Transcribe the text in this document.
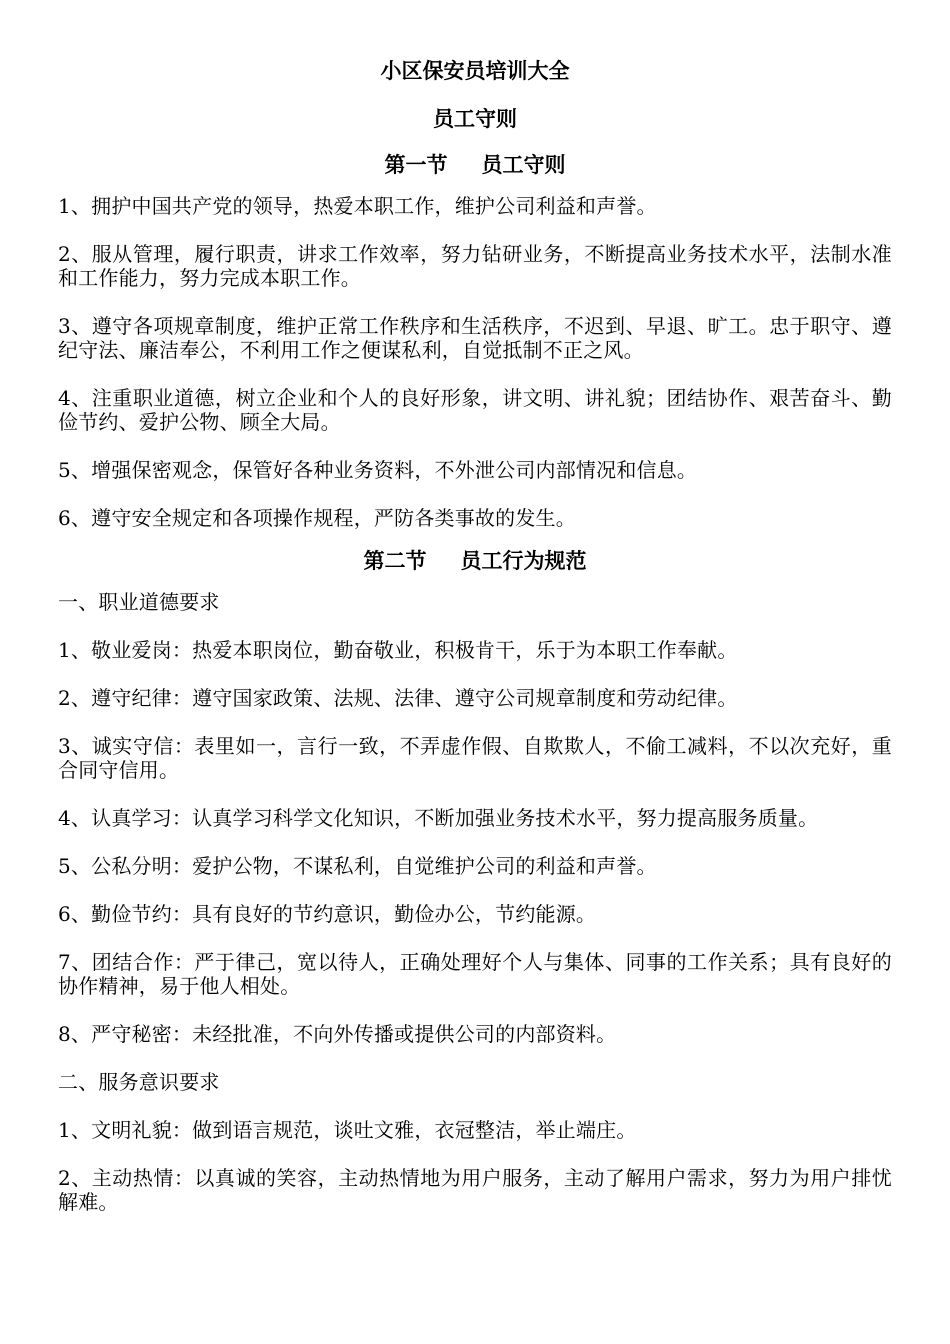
小区保安员培训大全
员工守则
第一节 员工守则

1、拥护中国共产党的领导，热爱本职工作，维护公司利益和声誉。

2、服从管理，履行职责，讲求工作效率，努力钻研业务，不断提高业务技术水平，法制水准和工作能力，努力完成本职工作。

3、遵守各项规章制度，维护正常工作秩序和生活秩序，不迟到、早退、旷工。忠于职守、遵纪守法、廉洁奉公，不利用工作之便谋私利，自觉抵制不正之风。

4、注重职业道德，树立企业和个人的良好形象，讲文明、讲礼貌；团结协作、艰苦奋斗、勤俭节约、爱护公物、顾全大局。

5、增强保密观念，保管好各种业务资料，不外泄公司内部情况和信息。

6、遵守安全规定和各项操作规程，严防各类事故的发生。

第二节 员工行为规范

一、职业道德要求

1、敬业爱岗：热爱本职岗位，勤奋敬业，积极肯干，乐于为本职工作奉献。

2、遵守纪律：遵守国家政策、法规、法律、遵守公司规章制度和劳动纪律。

3、诚实守信：表里如一，言行一致，不弄虚作假、自欺欺人，不偷工减料，不以次充好，重合同守信用。

4、认真学习：认真学习科学文化知识，不断加强业务技术水平，努力提高服务质量。

5、公私分明：爱护公物，不谋私利，自觉维护公司的利益和声誉。

6、勤俭节约：具有良好的节约意识，勤俭办公，节约能源。

7、团结合作：严于律己，宽以待人，正确处理好个人与集体、同事的工作关系；具有良好的协作精神，易于他人相处。

8、严守秘密：未经批准，不向外传播或提供公司的内部资料。

二、服务意识要求

1、文明礼貌：做到语言规范，谈吐文雅，衣冠整洁，举止端庄。

2、主动热情：以真诚的笑容，主动热情地为用户服务，主动了解用户需求，努力为用户排忧解难。
